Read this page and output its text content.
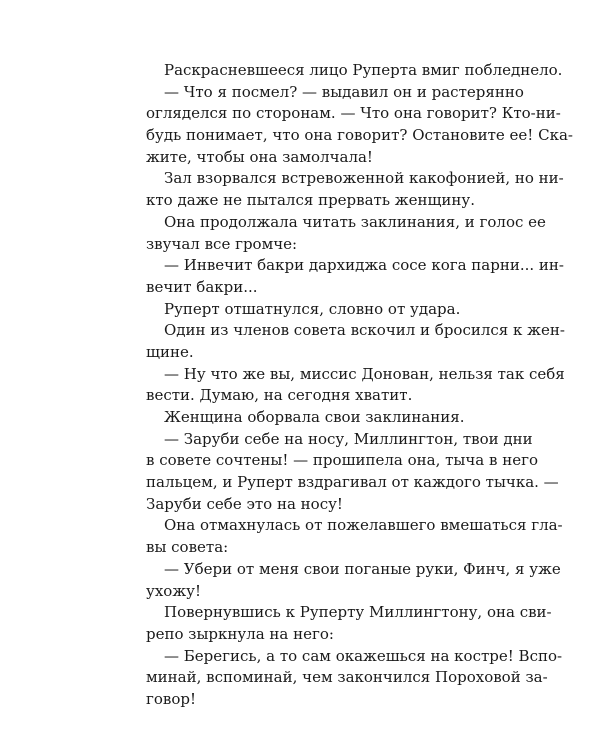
Раскрасневшееся лицо Руперта вмиг побледнело.
— Что я посмел? — выдавил он и растерянно
огляделся по сторонам. — Что она говорит? Кто-ни-
будь понимает, что она говорит? Остановите ее! Ска-
жите, чтобы она замолчала!
Зал взорвался встревоженной какофонией, но ни-
кто даже не пытался прервать женщину.
Она продолжала читать заклинания, и голос ее
звучал все громче:
— Инвечит бакри дархиджа сосе кога парни... ин-
вечит бакри...
Руперт отшатнулся, словно от удара.
Один из членов совета вскочил и бросился к жен-
щине.
— Ну что же вы, миссис Донован, нельзя так себя
вести. Думаю, на сегодня хватит.
Женщина оборвала свои заклинания.
— Заруби себе на носу, Миллингтон, твои дни
в совете сочтены! — прошипела она, тыча в него
пальцем, и Руперт вздрагивал от каждого тычка. —
Заруби себе это на носу!
Она отмахнулась от пожелавшего вмешаться гла-
вы совета:
— Убери от меня свои поганые руки, Финч, я уже
ухожу!
Повернувшись к Руперту Миллингтону, она сви-
репо зыркнула на него:
— Берегись, а то сам окажешься на костре! Вспо-
минай, вспоминай, чем закончился Пороховой за-
говор!
